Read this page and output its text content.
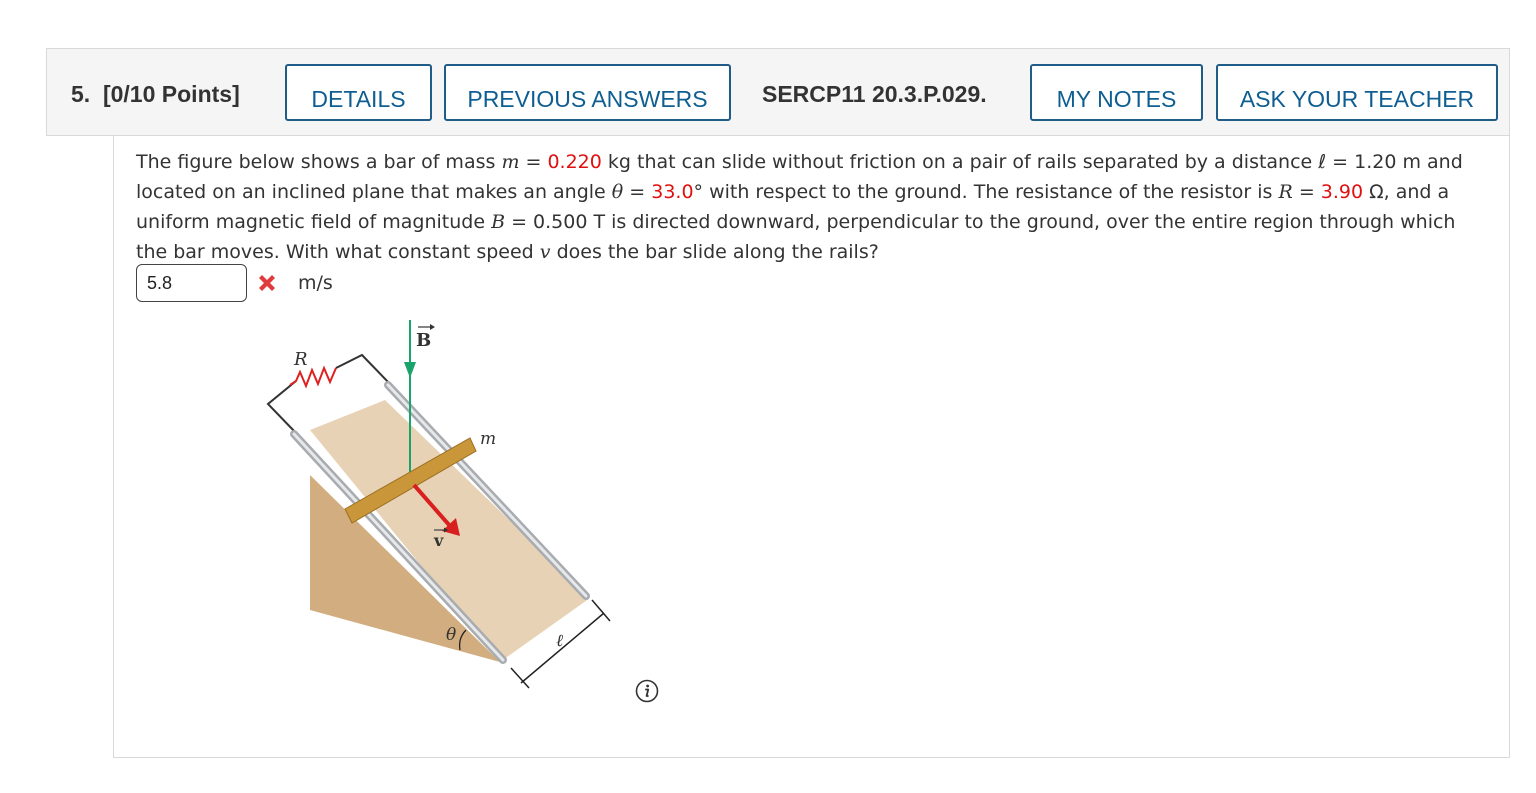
5. [0/10 Points]	DETAILS	PREVIOUS ANSWERS	SERCP11 20.3.P.029.	MY NOTES	ASK YOUR TEACHER
The figure below shows a bar of mass m = 0.220 kg that can slide without friction on a pair of rails separated by a distance ℓ = 1.20 m and located on an inclined plane that makes an angle θ = 33.0° with respect to the ground. The resistance of the resistor is R = 3.90 Ω, and a uniform magnetic field of magnitude B = 0.500 T is directed downward, perpendicular to the ground, over the entire region through which the bar moves. With what constant speed v does the bar slide along the rails?
5.8
m/s
R
B
m
v
θ	ℓ
